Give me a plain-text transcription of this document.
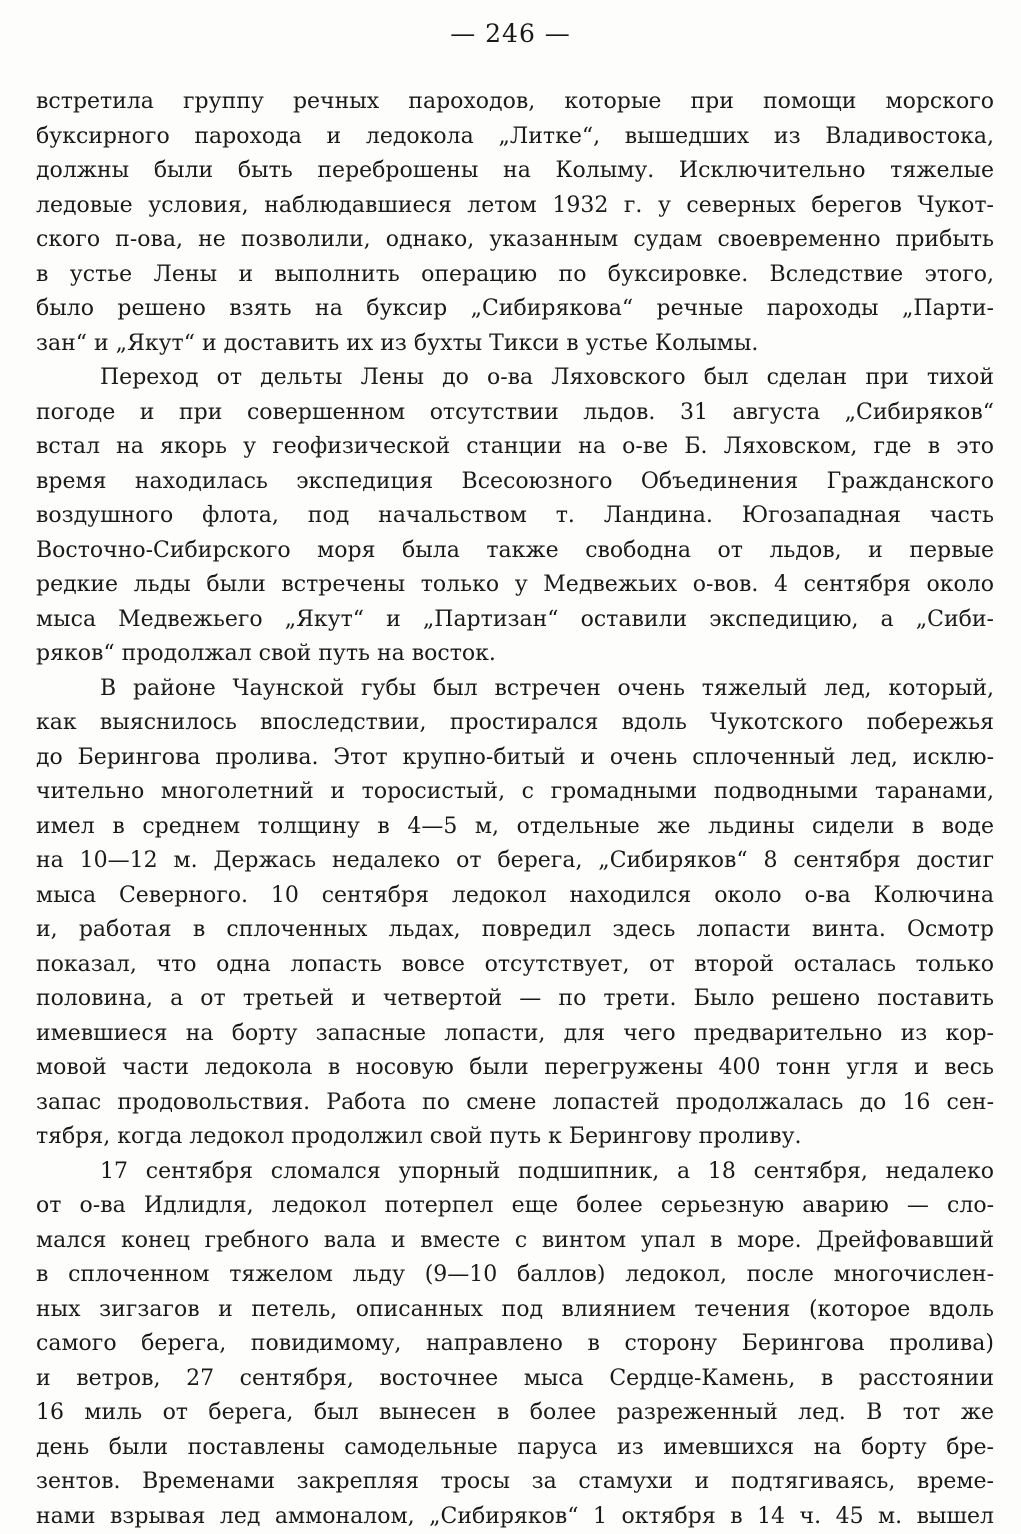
— 246 —
встретила группу речных пароходов, которые при помощи морского
буксирного парохода и ледокола „Литке“, вышедших из Владивостока,
должны были быть переброшены на Колыму. Исключительно тяжелые
ледовые условия, наблюдавшиеся летом 1932 г. у северных берегов Чукот-
ского п-ова, не позволили, однако, указанным судам своевременно прибыть
в устье Лены и выполнить операцию по буксировке. Вследствие этого,
было решено взять на буксир „Сибирякова“ речные пароходы „Парти-
зан“ и „Якут“ и доставить их из бухты Тикси в устье Колымы.
Переход от дельты Лены до о-ва Ляховского был сделан при тихой
погоде и при совершенном отсутствии льдов. 31 августа „Сибиряков“
встал на якорь у геофизической станции на о-ве Б. Ляховском, где в это
время находилась экспедиция Всесоюзного Объединения Гражданского
воздушного флота, под начальством т. Ландина. Югозападная часть
Восточно-Сибирского моря была также свободна от льдов, и первые
редкие льды были встречены только у Медвежьих о-вов. 4 сентября около
мыса Медвежьего „Якут“ и „Партизан“ оставили экспедицию, а „Сиби-
ряков“ продолжал свой путь на восток.
В районе Чаунской губы был встречен очень тяжелый лед, который,
как выяснилось впоследствии, простирался вдоль Чукотского побережья
до Берингова пролива. Этот крупно-битый и очень сплоченный лед, исклю-
чительно многолетний и торосистый, с громадными подводными таранами,
имел в среднем толщину в 4—5 м, отдельные же льдины сидели в воде
на 10—12 м. Держась недалеко от берега, „Сибиряков“ 8 сентября достиг
мыса Северного. 10 сентября ледокол находился около о-ва Колючина
и, работая в сплоченных льдах, повредил здесь лопасти винта. Осмотр
показал, что одна лопасть вовсе отсутствует, от второй осталась только
половина, а от третьей и четвертой — по трети. Было решено поставить
имевшиеся на борту запасные лопасти, для чего предварительно из кор-
мовой части ледокола в носовую были перегружены 400 тонн угля и весь
запас продовольствия. Работа по смене лопастей продолжалась до 16 сен-
тября, когда ледокол продолжил свой путь к Берингову проливу.
17 сентября сломался упорный подшипник, а 18 сентября, недалеко
от о-ва Идлидля, ледокол потерпел еще более серьезную аварию — сло-
мался конец гребного вала и вместе с винтом упал в море. Дрейфовавший
в сплоченном тяжелом льду (9—10 баллов) ледокол, после многочислен-
ных зигзагов и петель, описанных под влиянием течения (которое вдоль
самого берега, повидимому, направлено в сторону Берингова пролива)
и ветров, 27 сентября, восточнее мыса Сердце-Камень, в расстоянии
16 миль от берега, был вынесен в более разреженный лед. В тот же
день были поставлены самодельные паруса из имевшихся на борту бре-
зентов. Временами закрепляя тросы за стамухи и подтягиваясь, време-
нами взрывая лед аммоналом, „Сибиряков“ 1 октября в 14 ч. 45 м. вышел
